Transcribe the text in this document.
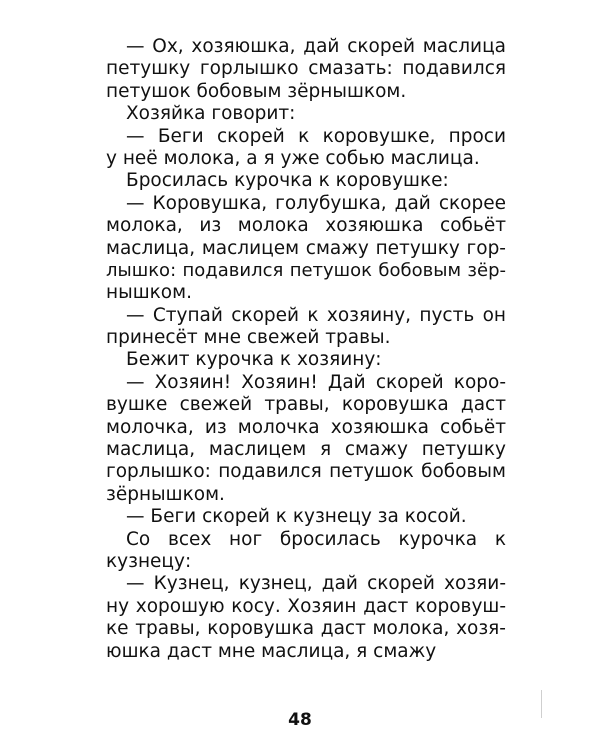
— Ох, хозяюшка, дай скорей маслица
петушку горлышко смазать: подавился
петушок бобовым зёрнышком.
Хозяйка говорит:
— Беги скорей к коровушке, проси
у неё молока, а я уже собью маслица.
Бросилась курочка к коровушке:
— Коровушка, голубушка, дай скорее
молока, из молока хозяюшка собьёт
маслица, маслицем смажу петушку гор-
лышко: подавился петушок бобовым зёр-
нышком.
— Ступай скорей к хозяину, пусть он
принесёт мне свежей травы.
Бежит курочка к хозяину:
— Хозяин! Хозяин! Дай скорей коро-
вушке свежей травы, коровушка даст
молочка, из молочка хозяюшка собьёт
маслица, маслицем я смажу петушку
горлышко: подавился петушок бобовым
зёрнышком.
— Беги скорей к кузнецу за косой.
Со всех ног бросилась курочка к
кузнецу:
— Кузнец, кузнец, дай скорей хозяи-
ну хорошую косу. Хозяин даст коровуш-
ке травы, коровушка даст молока, хозя-
юшка даст мне маслица, я смажу
48
